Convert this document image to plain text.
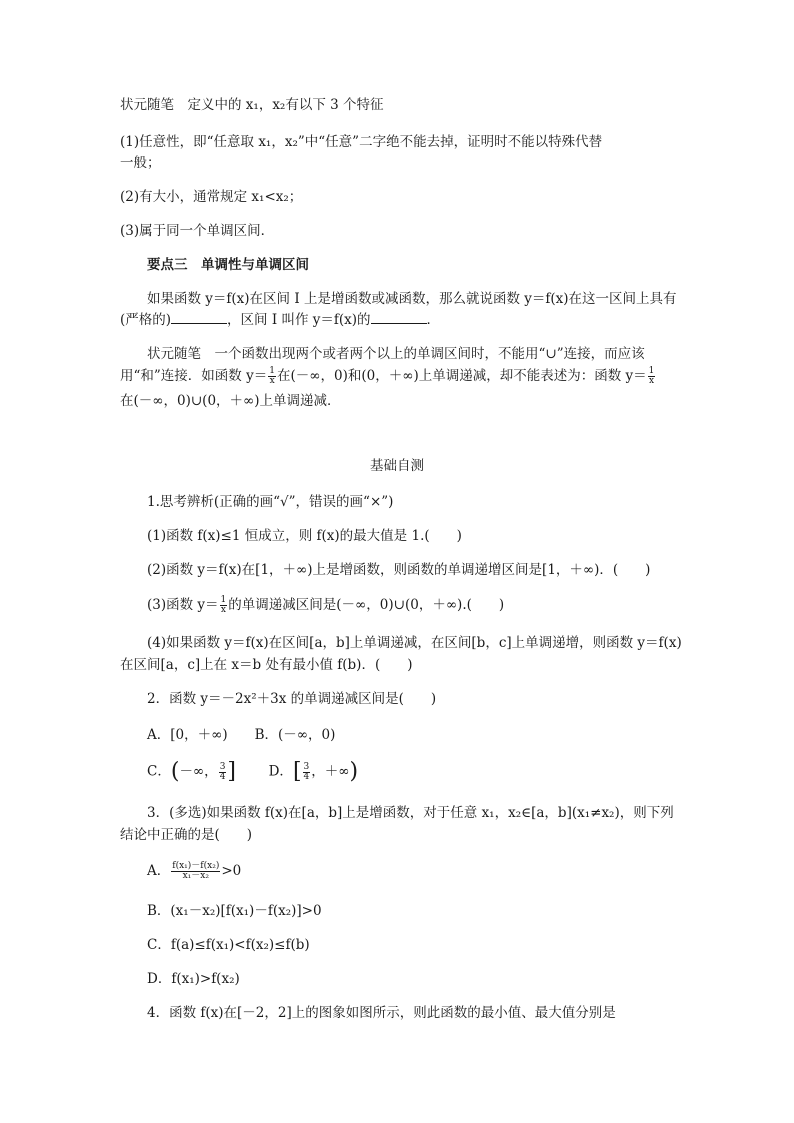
状元随笔　定义中的 x₁，x₂有以下 3 个特征
(1)任意性，即“任意取 x₁，x₂”中“任意”二字绝不能去掉，证明时不能以特殊代替
一般；
(2)有大小，通常规定 x₁<x₂；
(3)属于同一个单调区间．
要点三　单调性与单调区间
如果函数 y＝f(x)在区间 I 上是增函数或减函数，那么就说函数 y＝f(x)在这一区间上具有
(严格的)	，区间 I 叫作 y＝f(x)的	．
状元随笔　一个函数出现两个或者两个以上的单调区间时，不能用“∪”连接，而应该
用“和”连接．如函数 $y= \frac{1}{x}$ 在(－∞，0)和(0，＋∞)上单调递减，却不能表述为：函数 $y= \frac{1}{x}$
在(－∞，0)∪(0，＋∞)上单调递减．
基础自测
1.思考辨析(正确的画“√”，错误的画“×”)
(1)函数 f(x)≤1 恒成立，则 f(x)的最大值是 1.(　　)
(2)函数 y＝f(x)在[1，＋∞)上是增函数，则函数的单调递增区间是[1，＋∞)．(　　)
(3)函数 $y= \frac{1}{x}$ 的单调递减区间是(－∞，0)∪(0，＋∞).(　　)
(4)如果函数 y＝f(x)在区间[a，b]上单调递减，在区间[b，c]上单调递增，则函数 y＝f(x)
在区间[a，c]上在 x＝b 处有最小值 f(b)．(　　)
2．函数 y＝－2x²＋3x 的单调递减区间是(　　)
A．[0，＋∞)　　B．(－∞，0)
C．(－∞， $\frac{3}{4}$ ] D．[ $\frac{3}{4}$ ，＋∞)
3．(多选)如果函数 f(x)在[a，b]上是增函数，对于任意 x₁，x₂∈[a，b](x₁≠x₂)，则下列
结论中正确的是(　　)
A． $\frac{\text{f(x₁)－f(x₂)}}{\text{x₁－x₂}} >0$
B．(x₁－x₂)[f(x₁)－f(x₂)]>0
C．f(a)≤f(x₁)<f(x₂)≤f(b)
D．f(x₁)>f(x₂)
4．函数 f(x)在[－2，2]上的图象如图所示，则此函数的最小值、最大值分别是
